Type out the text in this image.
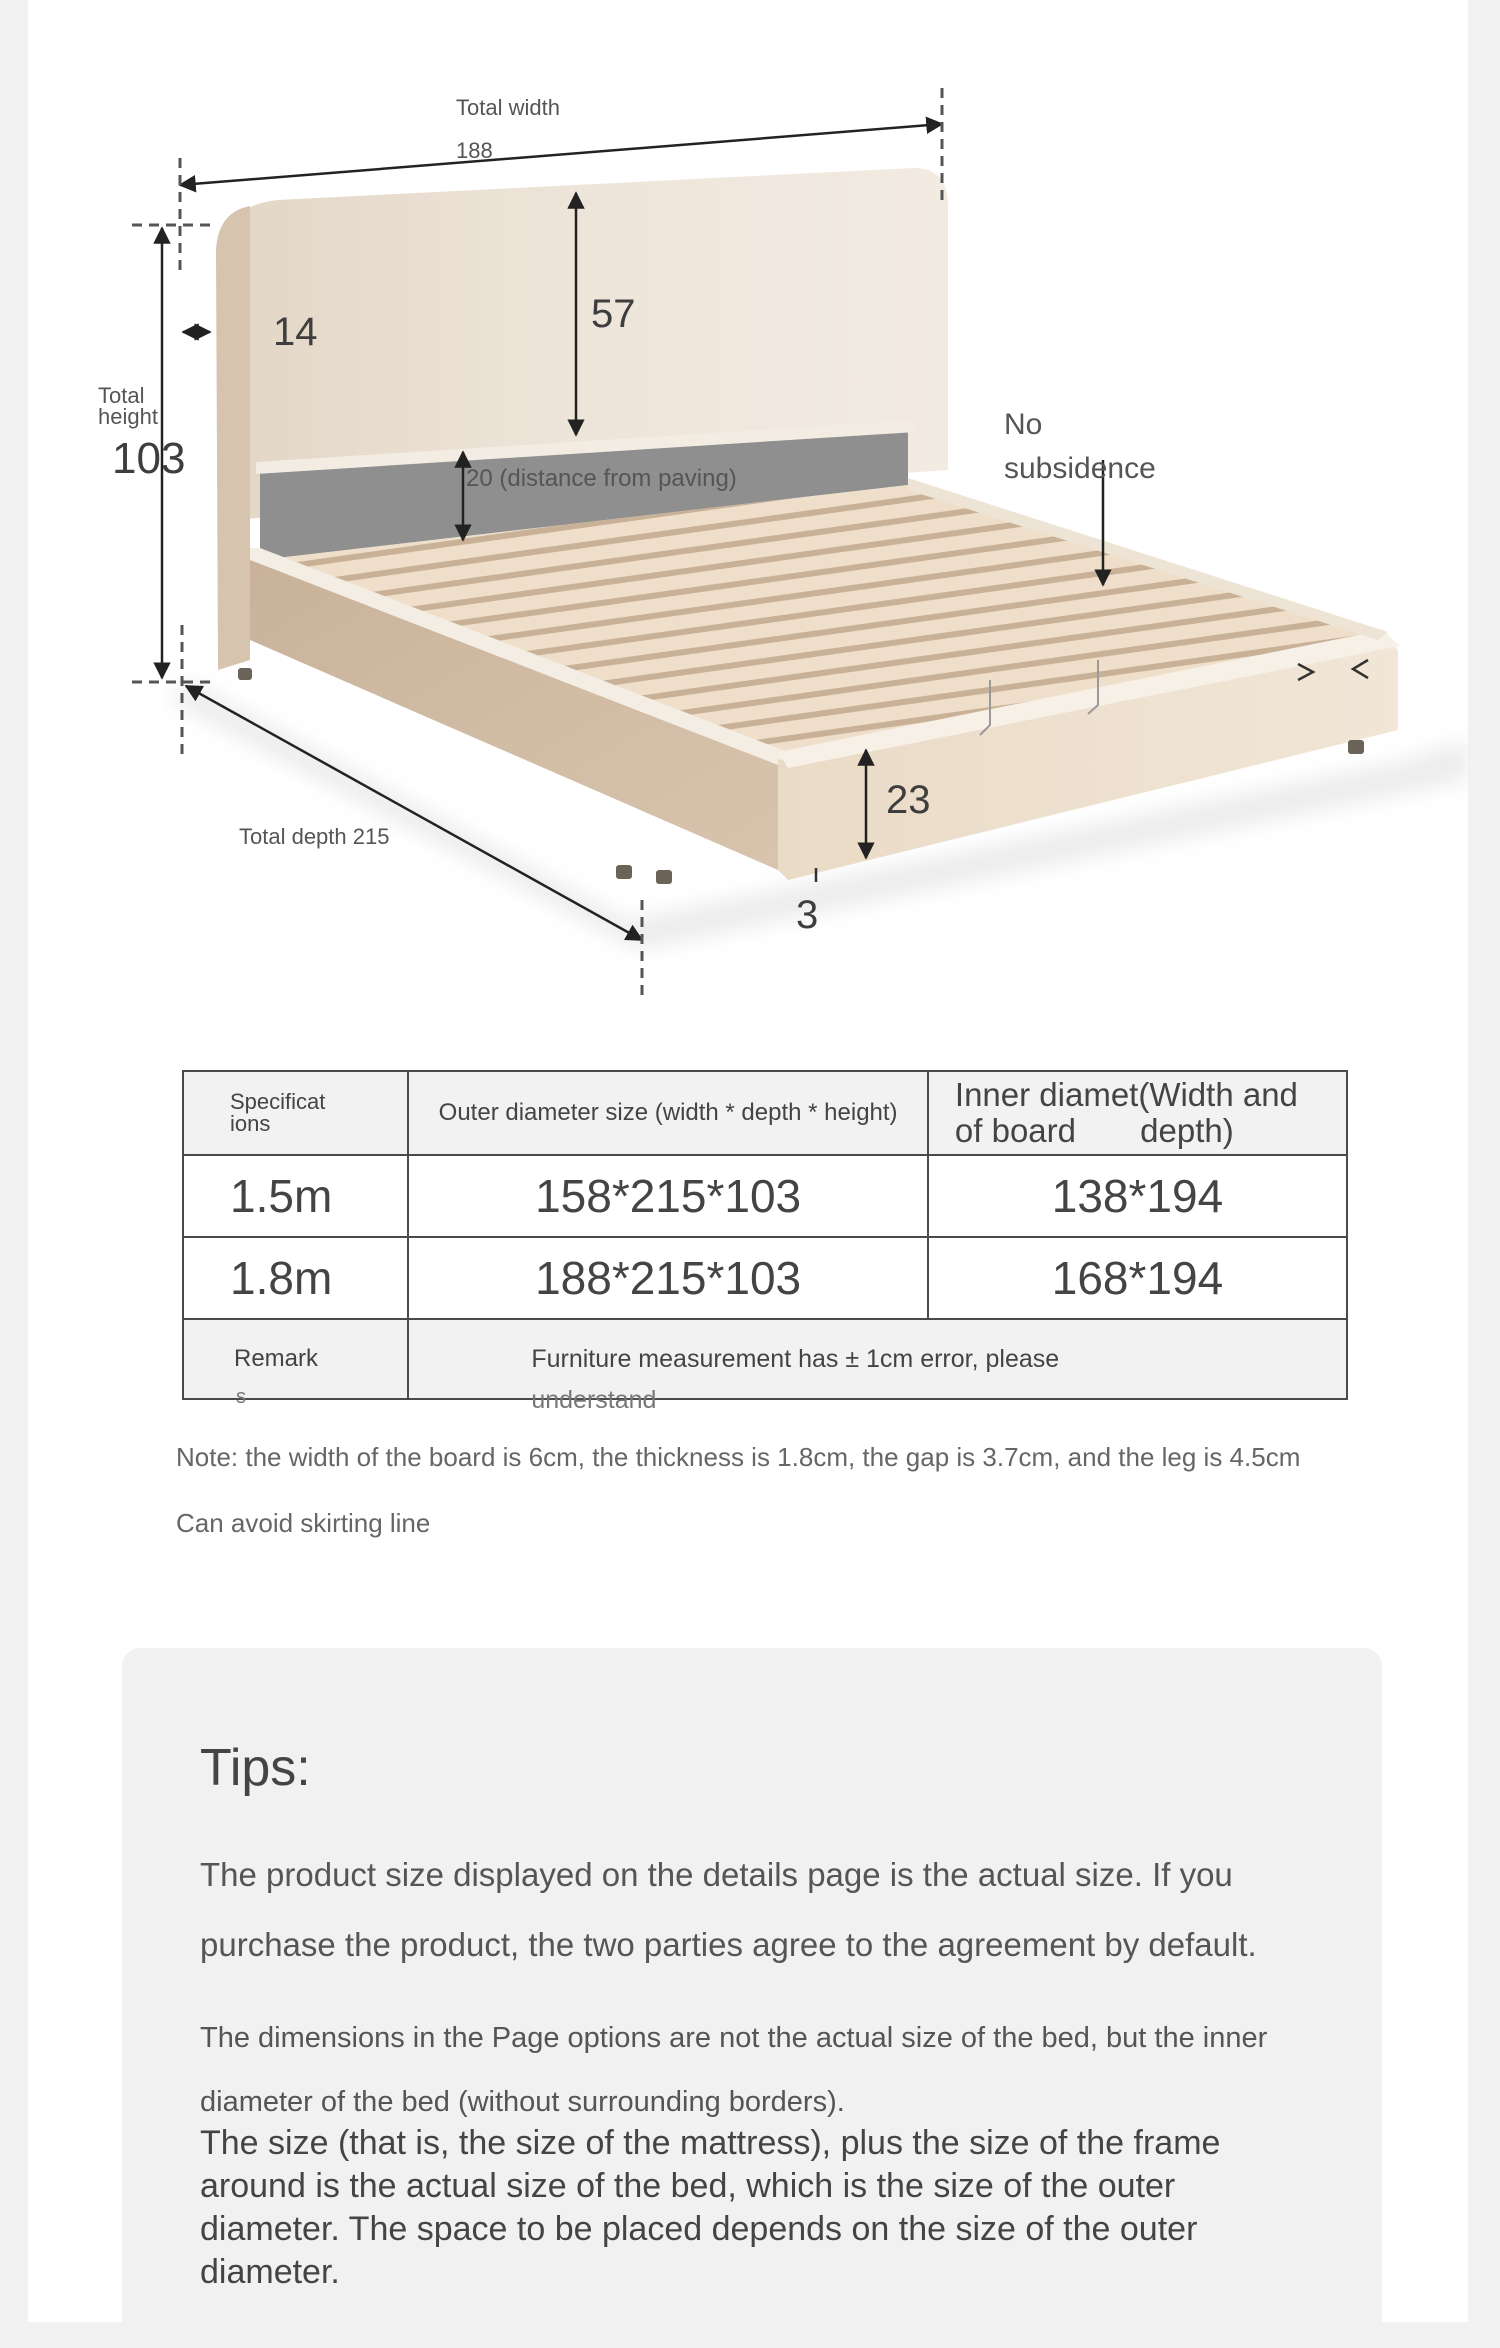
Total width
188
14	57
Total
height
103	20 (distance from paving)
No
subsidence
23
3
Total depth 215
Specificat
ions	Outer diameter size (width * depth * height)	Inner diamet(Width and
of board       depth)

1.5m	158*215*103	138*194
1.8m	188*215*103	168*194
Remark
s	Furniture measurement has ± 1cm error, please
understand	
Note: the width of the board is 6cm, the thickness is 1.8cm, the gap is 3.7cm, and the leg is 4.5cm
Can avoid skirting line
Tips:
The product size displayed on the details page is the actual size. If you purchase the product, the two parties agree to the agreement by default.
The dimensions in the Page options are not the actual size of the bed, but the inner diameter of the bed (without surrounding borders).
The size (that is, the size of the mattress), plus the size of the frame around is the actual size of the bed, which is the size of the outer diameter. The space to be placed depends on the size of the outer diameter.
